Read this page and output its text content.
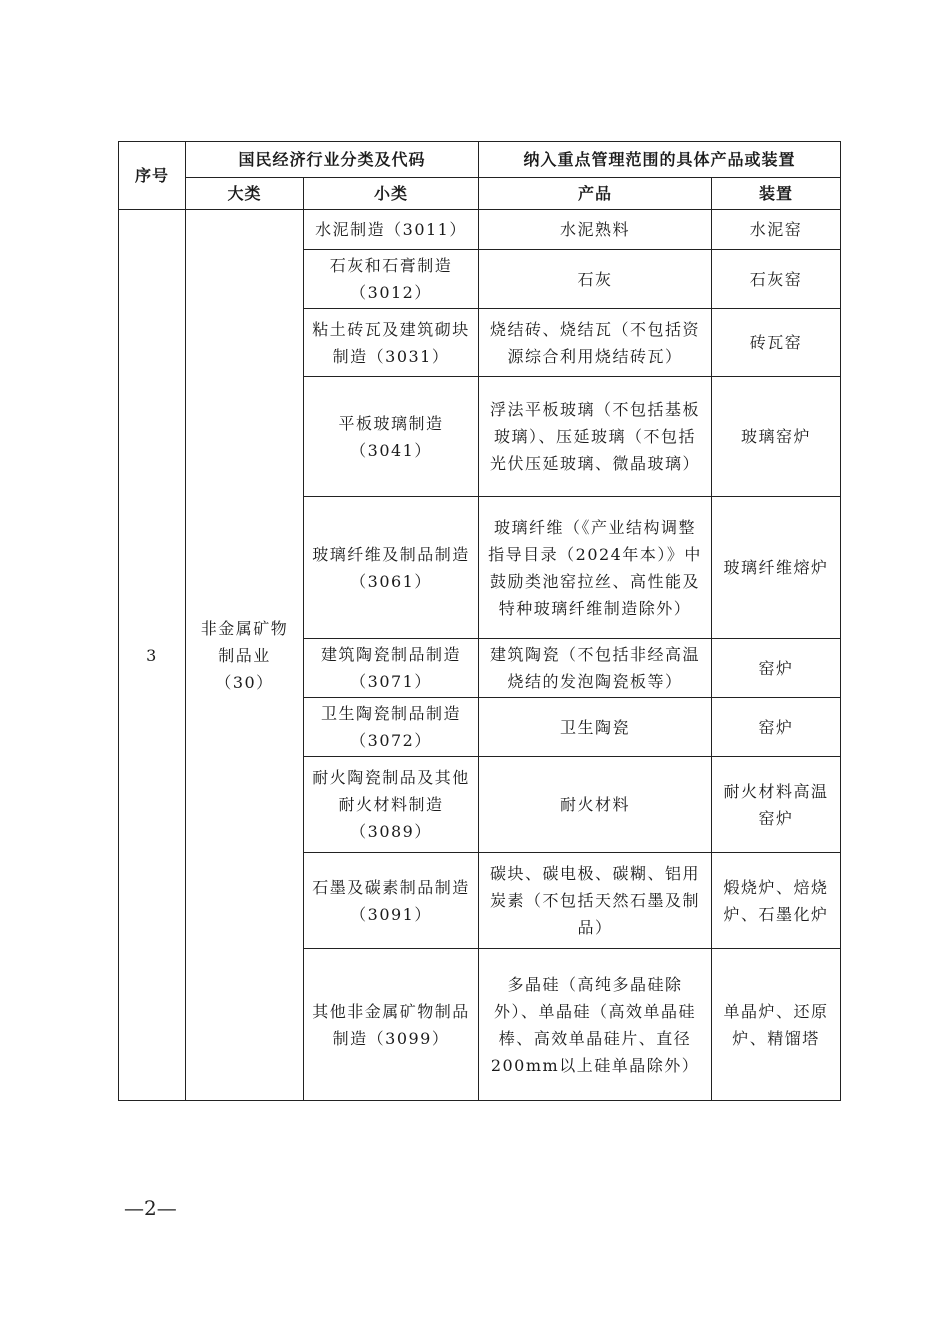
序号	国民经济行业分类及代码		纳入重点管理范围的具体产品或装置	
	大类	小类	产品	装置
3	非金属矿物制品业（30）	水泥制造（3011）	水泥熟料	水泥窑
		石灰和石膏制造（3012）	石灰	石灰窑
		粘土砖瓦及建筑砌块制造（3031）	烧结砖、烧结瓦（不包括资源综合利用烧结砖瓦）	砖瓦窑
		平板玻璃制造（3041）	浮法平板玻璃（不包括基板玻璃）、压延玻璃（不包括光伏压延玻璃、微晶玻璃）	玻璃窑炉
		玻璃纤维及制品制造（3061）	玻璃纤维（《产业结构调整指导目录（2024年本）》中鼓励类池窑拉丝、高性能及特种玻璃纤维制造除外）	玻璃纤维熔炉
		建筑陶瓷制品制造（3071）	建筑陶瓷（不包括非经高温烧结的发泡陶瓷板等）	窑炉
		卫生陶瓷制品制造（3072）	卫生陶瓷	窑炉
		耐火陶瓷制品及其他耐火材料制造（3089）	耐火材料	耐火材料高温窑炉
		石墨及碳素制品制造（3091）	碳块、碳电极、碳糊、铝用炭素（不包括天然石墨及制品）	煅烧炉、焙烧炉、石墨化炉
		其他非金属矿物制品制造（3099）	多晶硅（高纯多晶硅除外）、单晶硅（高效单晶硅棒、高效单晶硅片、直径200mm以上硅单晶除外）	单晶炉、还原炉、精馏塔
—2—
